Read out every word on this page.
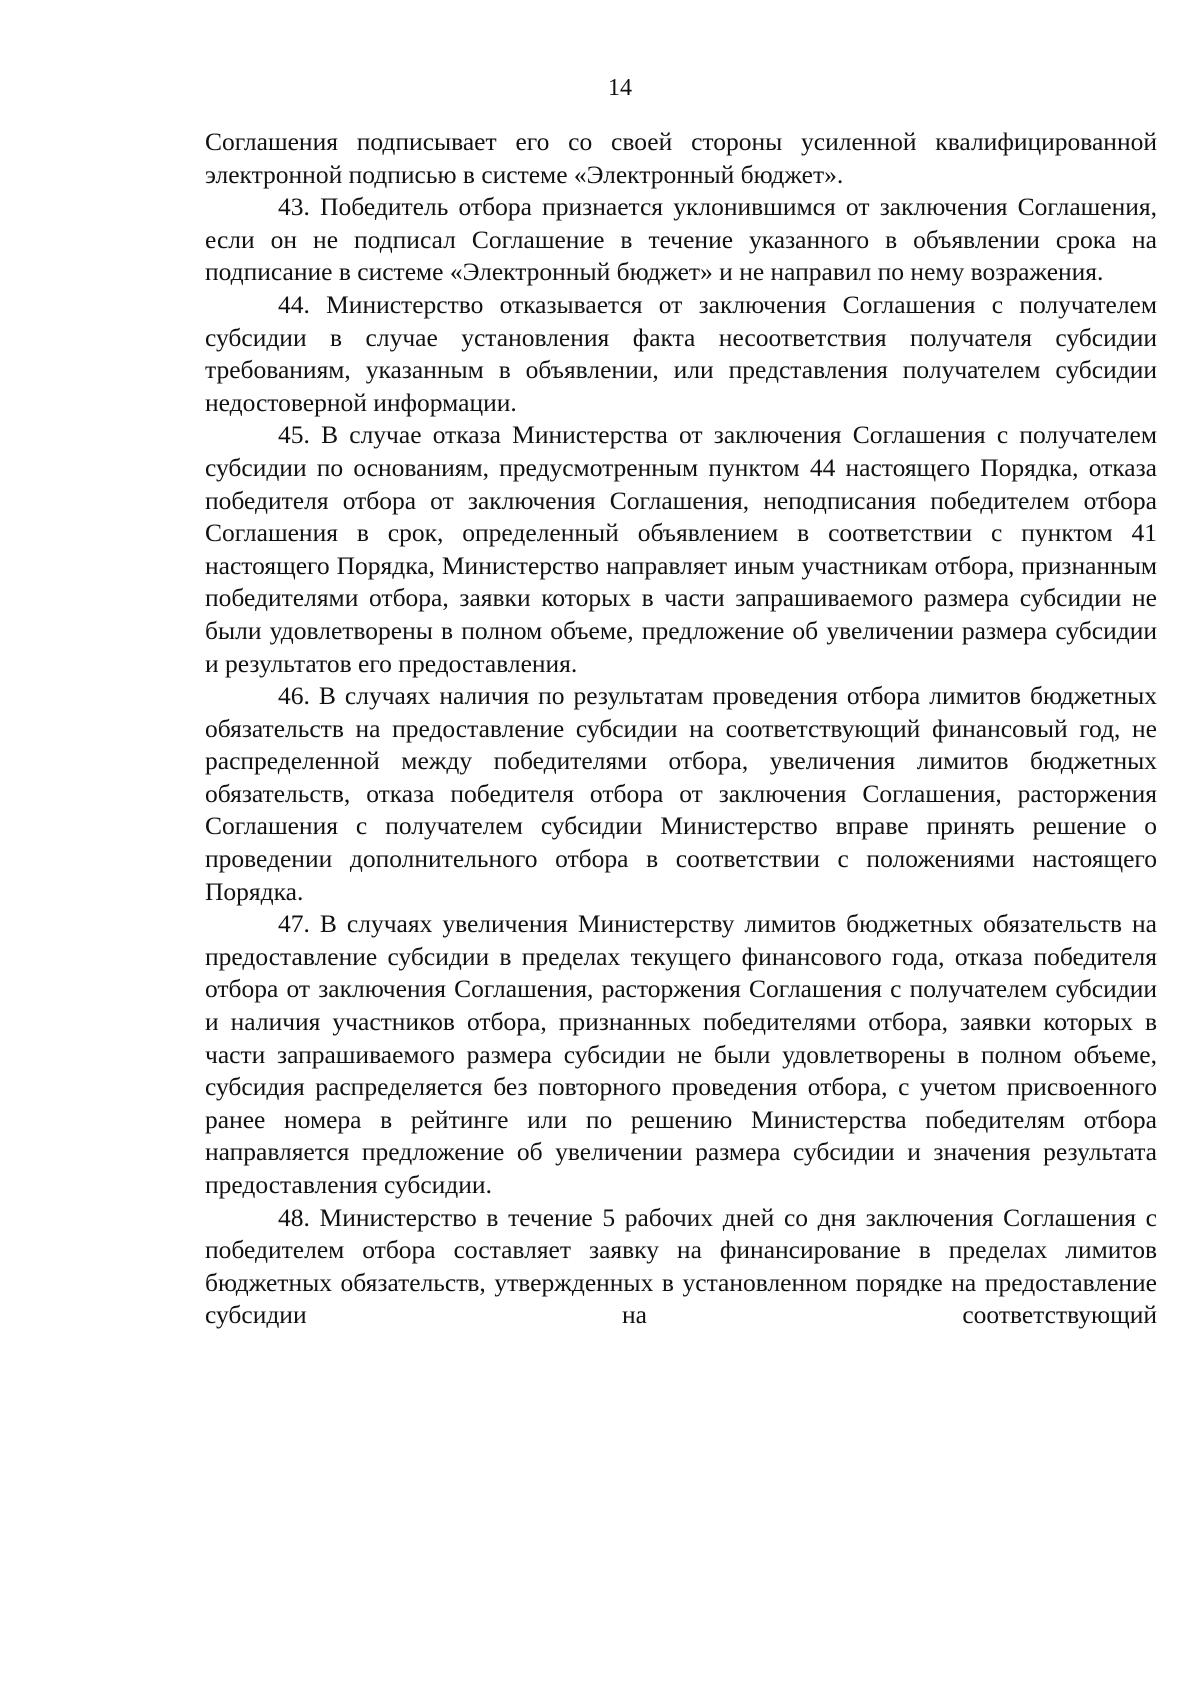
14

Соглашения подписывает его со своей стороны усиленной квалифицированной электронной подписью в системе «Электронный бюджет».

43. Победитель отбора признается уклонившимся от заключения Соглашения, если он не подписал Соглашение в течение указанного в объявлении срока на подписание в системе «Электронный бюджет» и не направил по нему возражения.

44. Министерство отказывается от заключения Соглашения с получателем субсидии в случае установления факта несоответствия получателя субсидии требованиям, указанным в объявлении, или представления получателем субсидии недостоверной информации.

45. В случае отказа Министерства от заключения Соглашения с получателем субсидии по основаниям, предусмотренным пунктом 44 настоящего Порядка, отказа победителя отбора от заключения Соглашения, неподписания победителем отбора Соглашения в срок, определенный объявлением в соответствии с пунктом 41 настоящего Порядка, Министерство направляет иным участникам отбора, признанным победителями отбора, заявки которых в части запрашиваемого размера субсидии не были удовлетворены в полном объеме, предложение об увеличении размера субсидии и результатов его предоставления.

46. В случаях наличия по результатам проведения отбора лимитов бюджетных обязательств на предоставление субсидии на соответствующий финансовый год, не распределенной между победителями отбора, увеличения лимитов бюджетных обязательств, отказа победителя отбора от заключения Соглашения, расторжения Соглашения с получателем субсидии Министерство вправе принять решение о проведении дополнительного отбора в соответствии с положениями настоящего Порядка.

47. В случаях увеличения Министерству лимитов бюджетных обязательств на предоставление субсидии в пределах текущего финансового года, отказа победителя отбора от заключения Соглашения, расторжения Соглашения с получателем субсидии и наличия участников отбора, признанных победителями отбора, заявки которых в части запрашиваемого размера субсидии не были удовлетворены в полном объеме, субсидия распределяется без повторного проведения отбора, с учетом присвоенного ранее номера в рейтинге или по решению Министерства победителям отбора направляется предложение об увеличении размера субсидии и значения результата предоставления субсидии.

48. Министерство в течение 5 рабочих дней со дня заключения Соглашения с победителем отбора составляет заявку на финансирование в пределах лимитов бюджетных обязательств, утвержденных в установленном порядке на предоставление субсидии на соответствующий
